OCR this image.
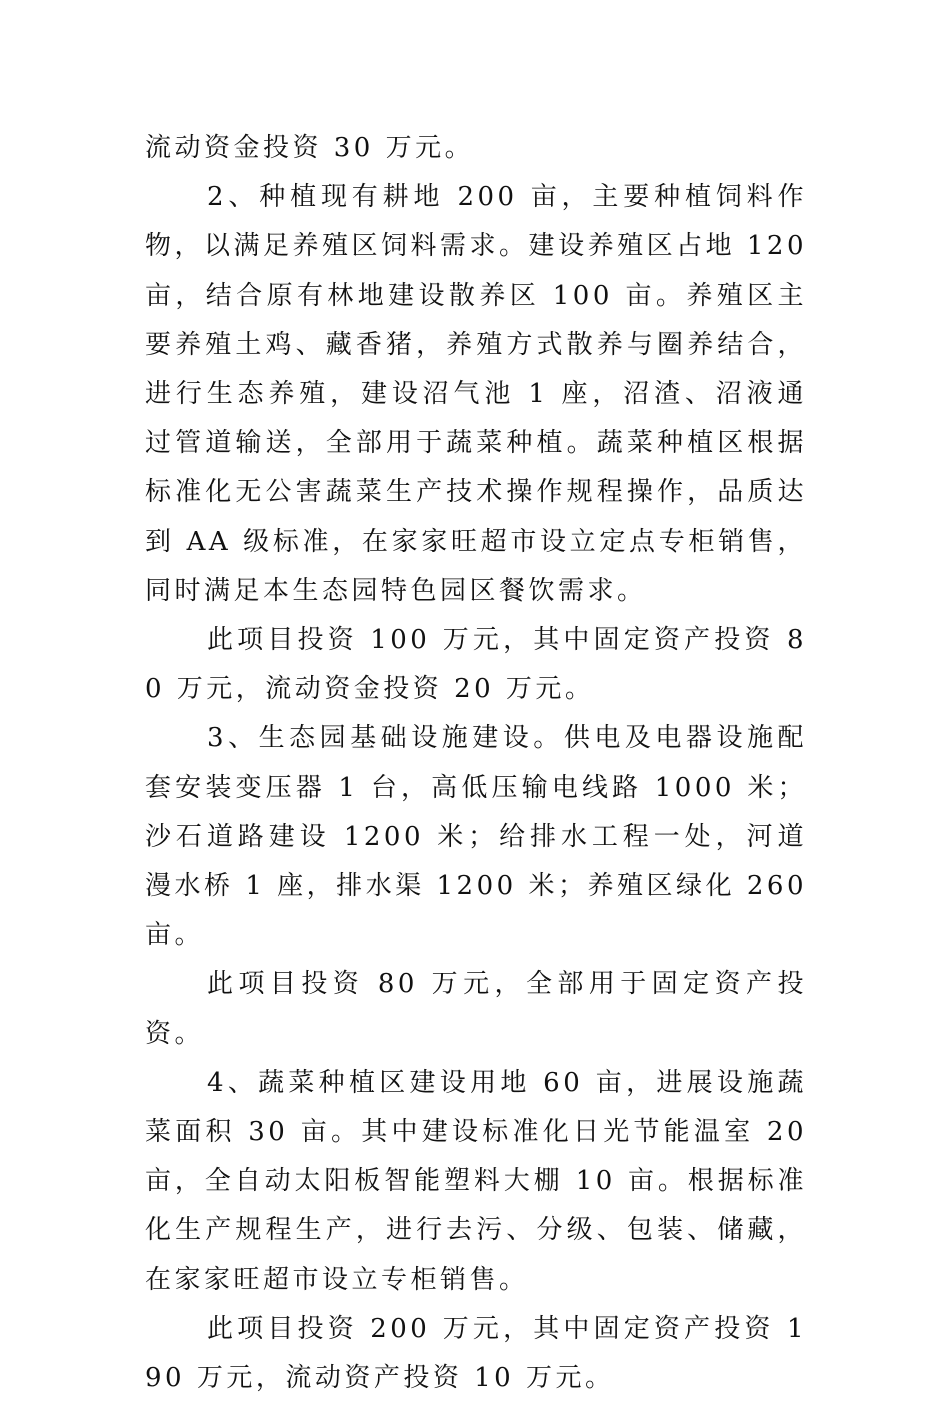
流动资金投资 30 万元。

2、种植现有耕地 200 亩，主要种植饲料作物，以满足养殖区饲料需求。建设养殖区占地 120 亩，结合原有林地建设散养区 100 亩。养殖区主要养殖土鸡、藏香猪，养殖方式散养与圈养结合，进行生态养殖，建设沼气池 1 座，沼渣、沼液通过管道输送，全部用于蔬菜种植。蔬菜种植区根据标准化无公害蔬菜生产技术操作规程操作，品质达到 AA 级标准，在家家旺超市设立定点专柜销售，同时满足本生态园特色园区餐饮需求。

此项目投资 100 万元，其中固定资产投资 80 万元，流动资金投资 20 万元。

3、生态园基础设施建设。供电及电器设施配套安装变压器 1 台，高低压输电线路 1000 米；沙石道路建设 1200 米；给排水工程一处，河道漫水桥 1 座，排水渠 1200 米；养殖区绿化 260 亩。

此项目投资 80 万元，全部用于固定资产投资。

4、蔬菜种植区建设用地 60 亩，进展设施蔬菜面积 30 亩。其中建设标准化日光节能温室 20 亩，全自动太阳板智能塑料大棚 10 亩。根据标准化生产规程生产，进行去污、分级、包装、储藏，在家家旺超市设立专柜销售。

此项目投资 200 万元，其中固定资产投资 190 万元，流动资产投资 10 万元。
